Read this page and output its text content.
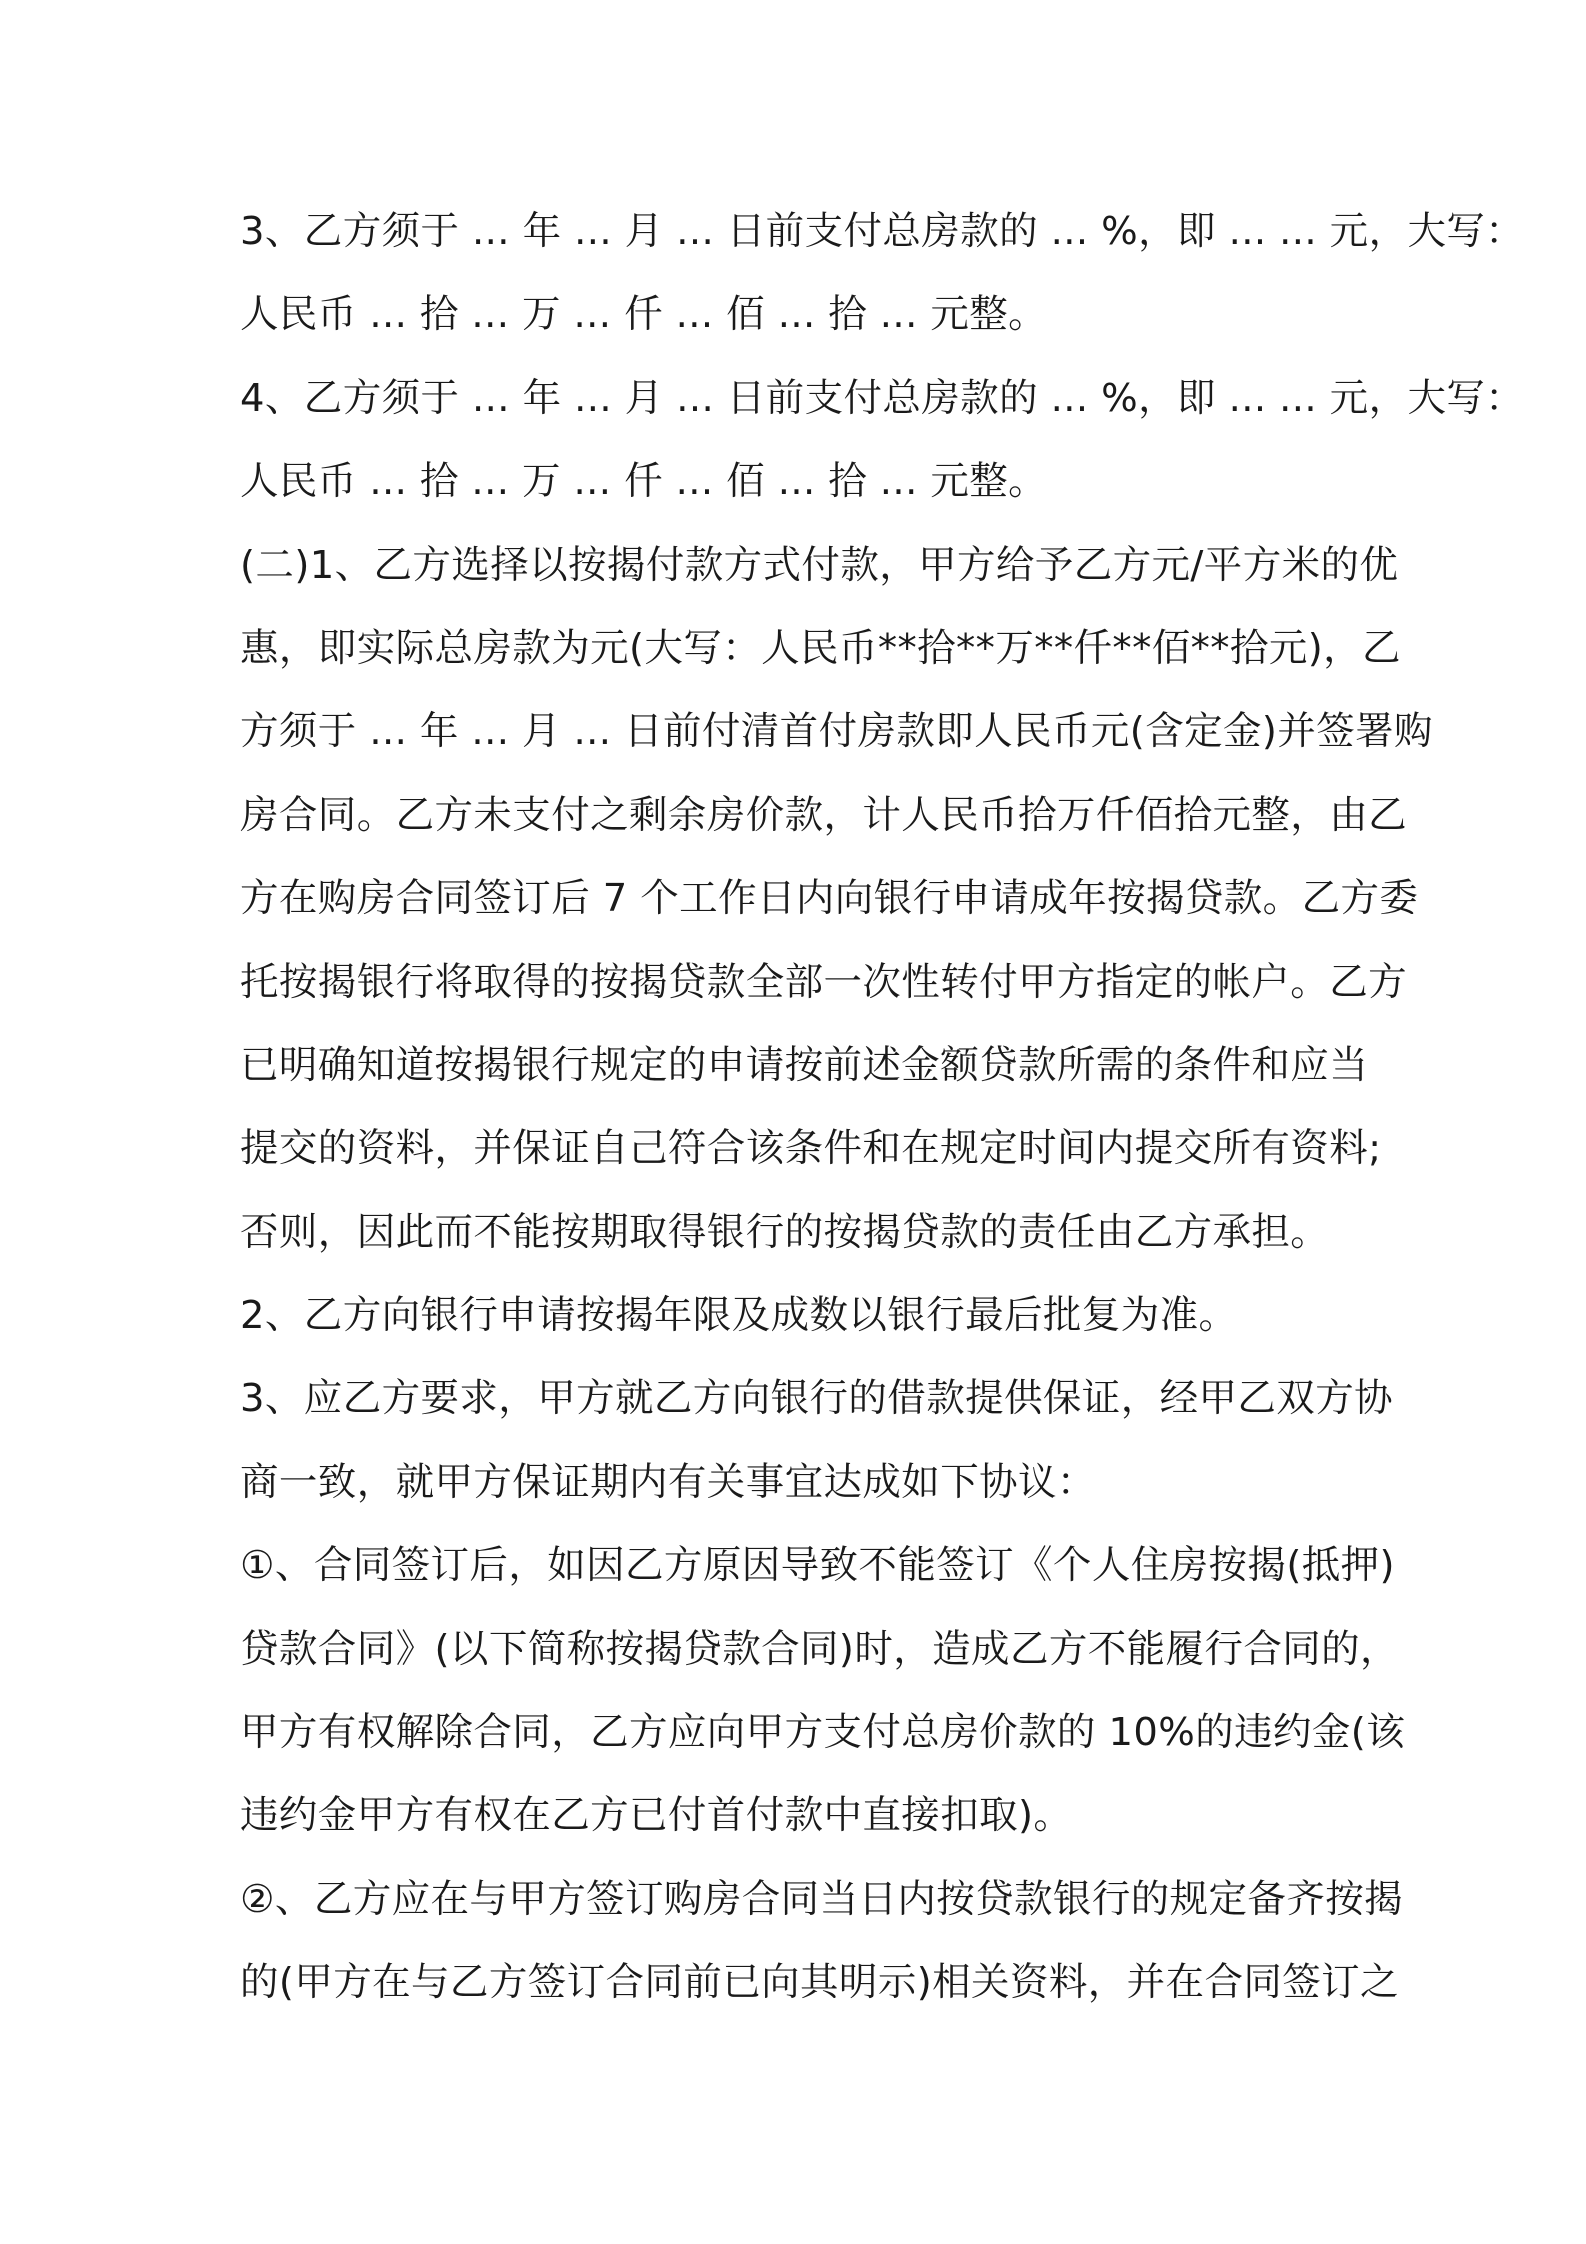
3、乙方须于 ... 年 ... 月 ... 日前支付总房款的 ... %，即 ... ... 元，大写：
人民币 ... 拾 ... 万 ... 仟 ... 佰 ... 拾 ... 元整。
4、乙方须于 ... 年 ... 月 ... 日前支付总房款的 ... %，即 ... ... 元，大写：
人民币 ... 拾 ... 万 ... 仟 ... 佰 ... 拾 ... 元整。
(二)1、乙方选择以按揭付款方式付款，甲方给予乙方元/平方米的优
惠，即实际总房款为元(大写：人民币**拾**万**仟**佰**拾元)，乙
方须于 ... 年 ... 月 ... 日前付清首付房款即人民币元(含定金)并签署购
房合同。乙方未支付之剩余房价款，计人民币拾万仟佰拾元整，由乙
方在购房合同签订后 7 个工作日内向银行申请成年按揭贷款。乙方委
托按揭银行将取得的按揭贷款全部一次性转付甲方指定的帐户。乙方
已明确知道按揭银行规定的申请按前述金额贷款所需的条件和应当
提交的资料，并保证自己符合该条件和在规定时间内提交所有资料;
否则，因此而不能按期取得银行的按揭贷款的责任由乙方承担。
2、乙方向银行申请按揭年限及成数以银行最后批复为准。
3、应乙方要求，甲方就乙方向银行的借款提供保证，经甲乙双方协
商一致，就甲方保证期内有关事宜达成如下协议：
①、合同签订后，如因乙方原因导致不能签订《个人住房按揭(抵押)
贷款合同》(以下简称按揭贷款合同)时，造成乙方不能履行合同的，
甲方有权解除合同，乙方应向甲方支付总房价款的 10%的违约金(该
违约金甲方有权在乙方已付首付款中直接扣取)。
②、乙方应在与甲方签订购房合同当日内按贷款银行的规定备齐按揭
的(甲方在与乙方签订合同前已向其明示)相关资料，并在合同签订之
